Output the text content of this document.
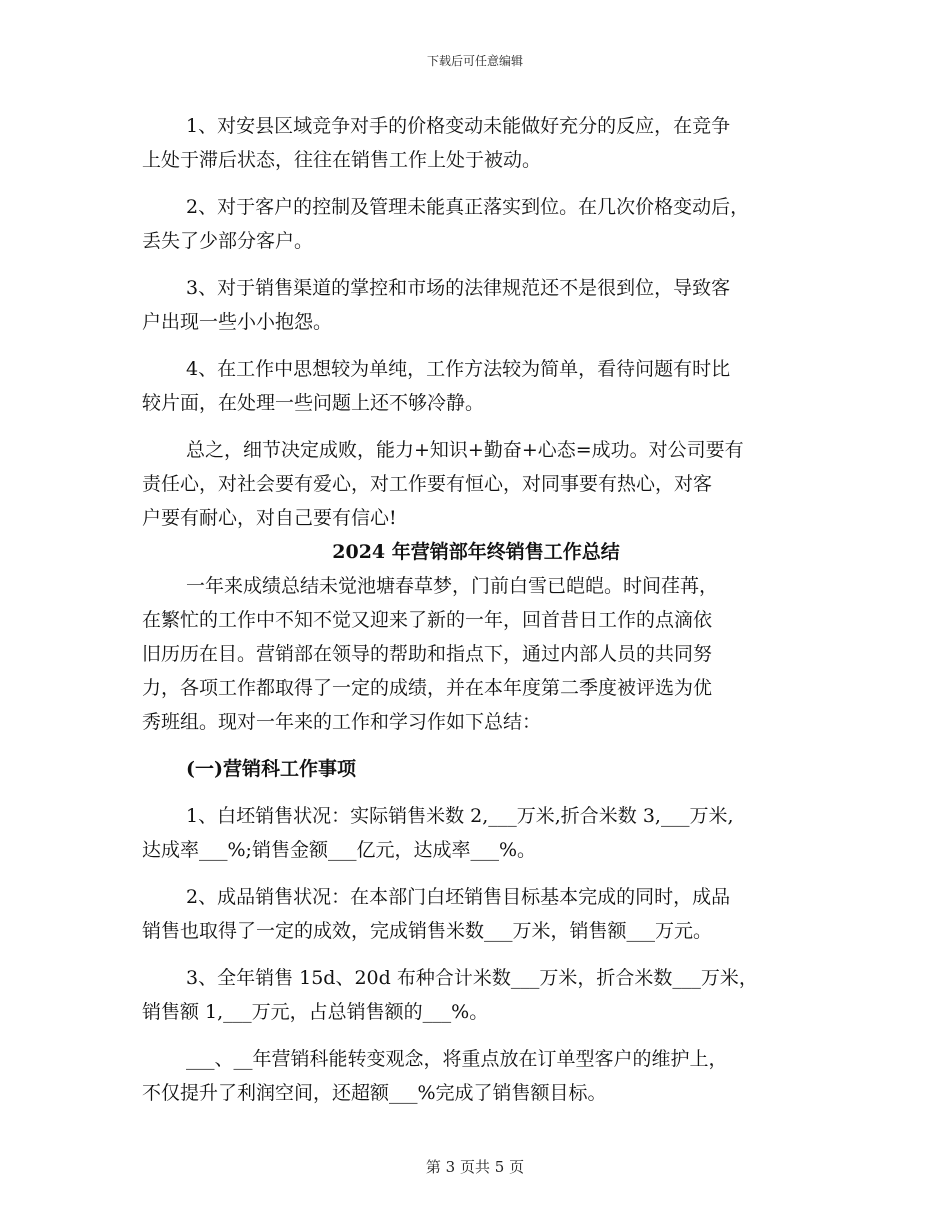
下载后可任意编辑
1、对安县区域竞争对手的价格变动未能做好充分的反应，在竞争
上处于滞后状态，往往在销售工作上处于被动。
2、对于客户的控制及管理未能真正落实到位。在几次价格变动后，
丢失了少部分客户。
3、对于销售渠道的掌控和市场的法律规范还不是很到位，导致客
户出现一些小小抱怨。
4、在工作中思想较为单纯，工作方法较为简单，看待问题有时比
较片面，在处理一些问题上还不够冷静。
总之，细节决定成败，能力+知识+勤奋+心态=成功。对公司要有
责任心，对社会要有爱心，对工作要有恒心，对同事要有热心，对客
户要有耐心，对自己要有信心!
2024 年营销部年终销售工作总结
一年来成绩总结未觉池塘春草梦，门前白雪已皑皑。时间荏苒，
在繁忙的工作中不知不觉又迎来了新的一年，回首昔日工作的点滴依
旧历历在目。营销部在领导的帮助和指点下，通过内部人员的共同努
力，各项工作都取得了一定的成绩，并在本年度第二季度被评选为优
秀班组。现对一年来的工作和学习作如下总结：
(一)营销科工作事项
1、白坯销售状况：实际销售米数 2,___万米,折合米数 3,___万米,
达成率___%;销售金额___亿元，达成率___%。
2、成品销售状况：在本部门白坯销售目标基本完成的同时，成品
销售也取得了一定的成效，完成销售米数___万米，销售额___万元。
3、全年销售 15d、20d 布种合计米数___万米，折合米数___万米，
销售额 1,___万元，占总销售额的___%。
___、__年营销科能转变观念，将重点放在订单型客户的维护上，
不仅提升了利润空间，还超额___%完成了销售额目标。
第 3 页共 5 页
